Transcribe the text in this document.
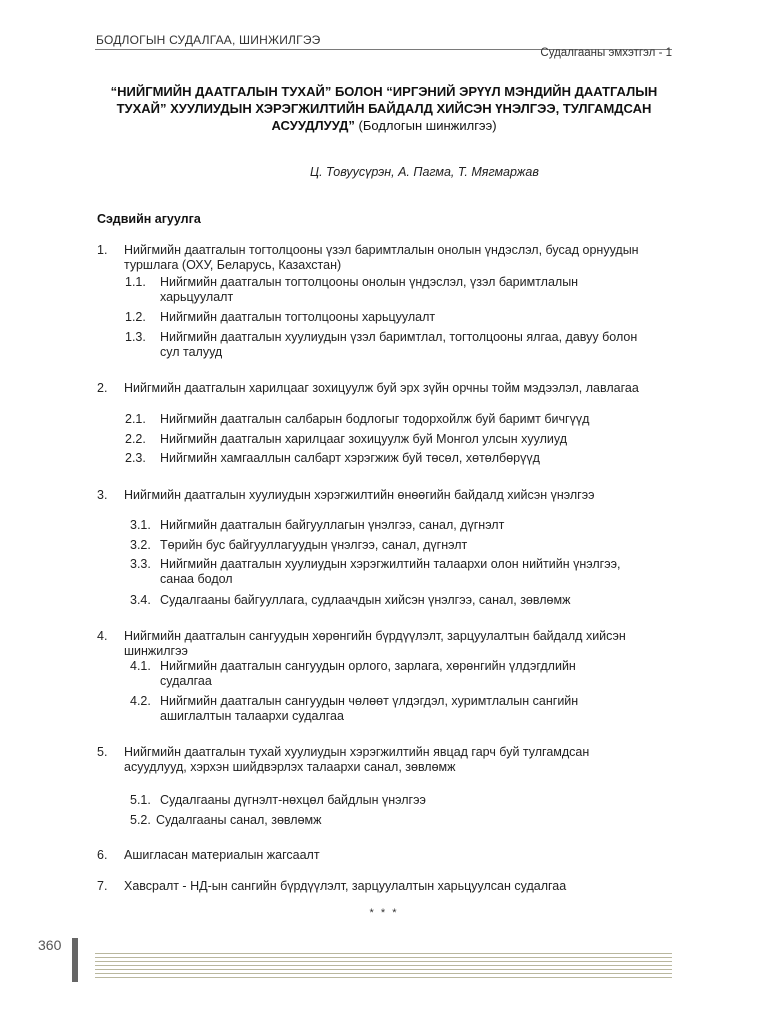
БОДЛОГЫН СУДАЛГАА, ШИНЖИЛГЭЭ
Судалгааны эмхэтгэл - 1
“НИЙГМИЙН ДААТГАЛЫН ТУХАЙ” БОЛОН “ИРГЭНИЙ ЭРҮҮЛ МЭНДИЙН ДААТГАЛЫН ТУХАЙ” ХУУЛИУДЫН ХЭРЭГЖИЛТИЙН БАЙДАЛД ХИЙСЭН ҮНЭЛГЭЭ, ТУЛГАМДСАН АСУУДЛУУД” (Бодлогын шинжилгээ)
Ц. Товуусүрэн, А. Пагма, Т. Мягмаржав
Сэдвийн агуулга
1. Нийгмийн даатгалын тогтолцооны үзэл баримтлалын онолын үндэслэл, бусад орнуудын туршлага (ОХУ, Беларусь, Казахстан)
1.1. Нийгмийн даатгалын тогтолцооны онолын үндэслэл, үзэл баримтлалын харьцуулалт
1.2. Нийгмийн даатгалын тогтолцооны харьцуулалт
1.3. Нийгмийн даатгалын хуулиудын үзэл баримтлал, тогтолцооны ялгаа, давуу болон сул талууд
2. Нийгмийн даатгалын харилцааг зохицуулж буй эрх зүйн орчны тойм мэдээлэл, лавлагаа
2.1. Нийгмийн даатгалын салбарын бодлогыг тодорхойлж буй баримт бичгүүд
2.2. Нийгмийн даатгалын харилцааг зохицуулж буй Монгол улсын хуулиуд
2.3. Нийгмийн хамгааллын салбарт хэрэгжиж буй төсөл, хөтөлбөрүүд
3. Нийгмийн даатгалын хуулиудын хэрэгжилтийн өнөөгийн байдалд хийсэн үнэлгээ
3.1. Нийгмийн даатгалын байгууллагын үнэлгээ, санал, дүгнэлт
3.2. Төрийн бус байгууллагуудын үнэлгээ, санал, дүгнэлт
3.3. Нийгмийн даатгалын хуулиудын хэрэгжилтийн талаархи олон нийтийн үнэлгээ, санаа бодол
3.4. Судалгааны байгууллага, судлаачдын хийсэн үнэлгээ, санал, зөвлөмж
4. Нийгмийн даатгалын сангуудын хөрөнгийн бүрдүүлэлт, зарцуулалтын байдалд хийсэн шинжилгээ
4.1. Нийгмийн даатгалын сангуудын орлого, зарлага, хөрөнгийн үлдэгдлийн судалгаа
4.2. Нийгмийн даатгалын сангуудын чөлөөт үлдэгдэл, хуримтлалын сангийн ашиглалтын талаархи судалгаа
5. Нийгмийн даатгалын тухай хуулиудын хэрэгжилтийн явцад гарч буй тулгамдсан асуудлууд, хэрхэн шийдвэрлэх талаархи санал, зөвлөмж
5.1. Судалгааны дүгнэлт-нөхцөл байдлын үнэлгээ
5.2. Судалгааны санал, зөвлөмж
6. Ашигласан материалын жагсаалт
7. Хавсралт - НД-ын сангийн бүрдүүлэлт, зарцуулалтын харьцуулсан судалгаа
* * *
360
